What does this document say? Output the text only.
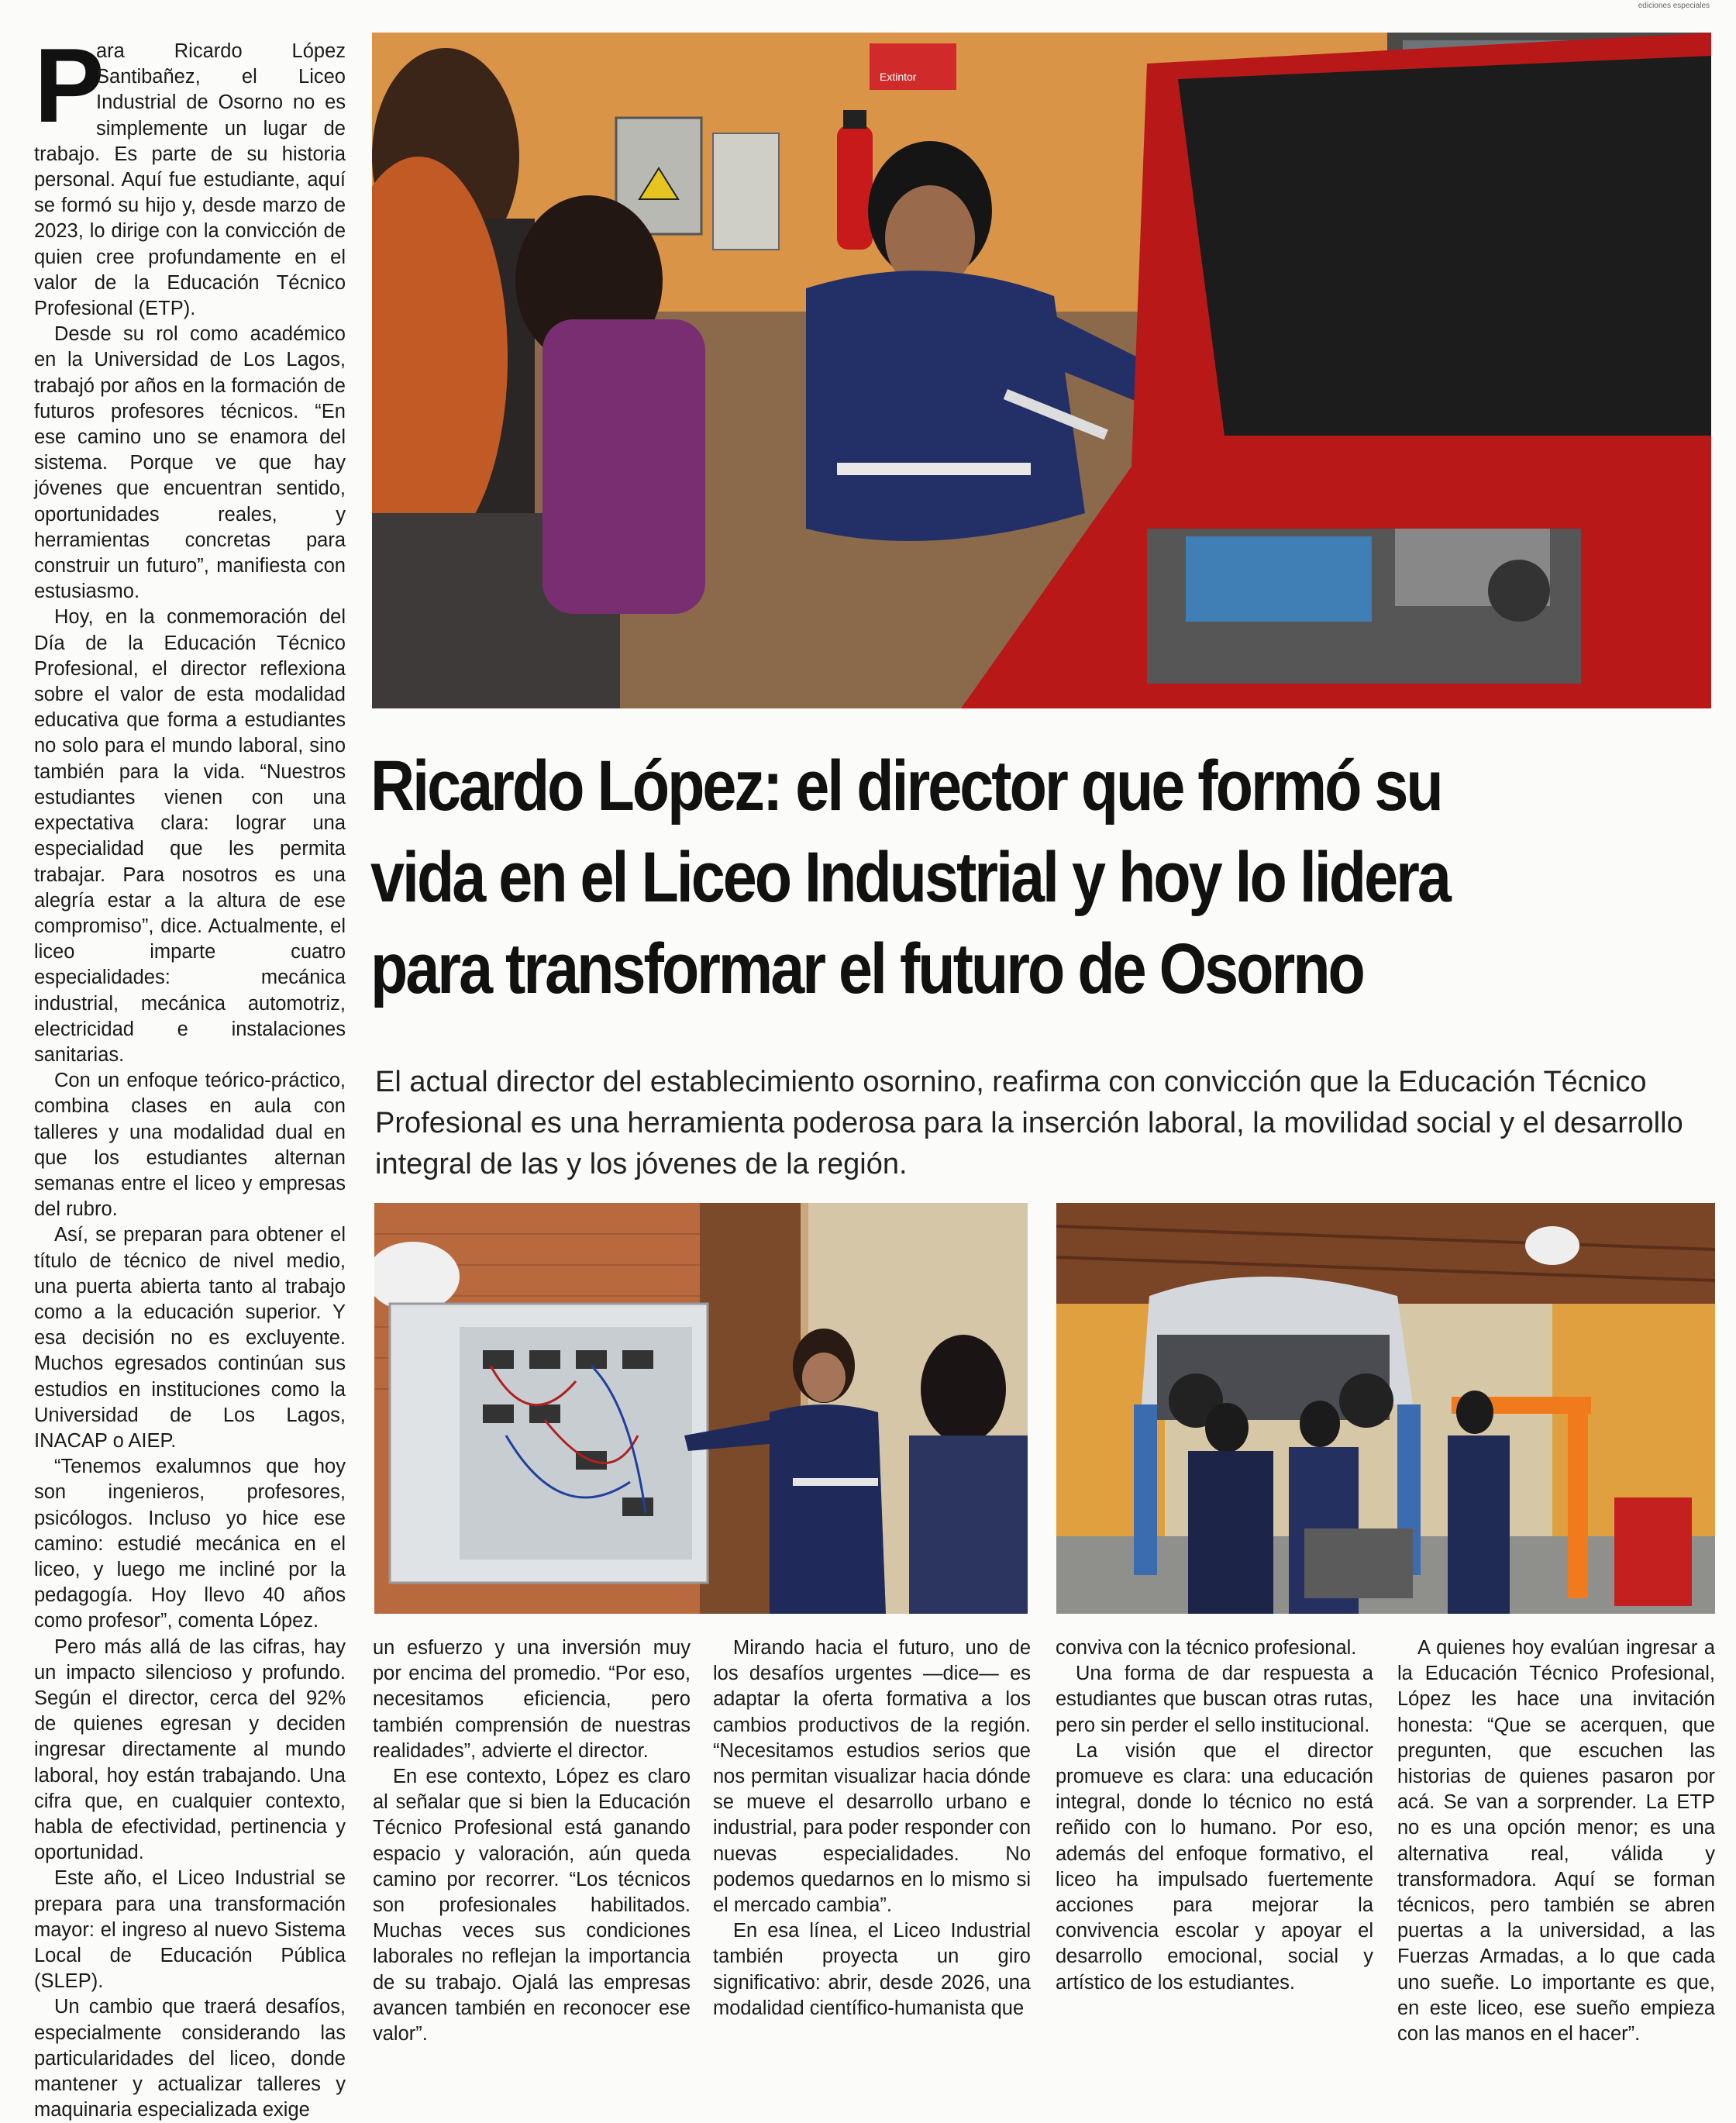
ediciones especiales
Extintor
Ricardo López: el director que formó su vida en el Liceo Industrial y hoy lo lidera para transformar el futuro de Osorno

El actual director del establecimiento osornino, reafirma con convicción que la Educación Técnico Profesional es una herramienta poderosa para la inserción laboral, la movilidad social y el desarrollo integral de las y los jóvenes de la región.

P

ara Ricardo López Santibañez, el Liceo Industrial de Osorno no es simplemente un lugar de trabajo. Es parte de su historia personal. Aquí fue estudiante, aquí se formó su hijo y, desde marzo de 2023, lo dirige con la convicción de quien cree profundamente en el valor de la Educación Técnico Profesional (ETP).

Desde su rol como académico en la Universidad de Los Lagos, trabajó por años en la formación de futuros profesores técnicos. “En ese camino uno se enamora del sistema. Porque ve que hay jóvenes que encuentran sentido, oportunidades reales, y herramientas concretas para construir un futuro”, manifiesta con estusiasmo.

Hoy, en la conmemoración del Día de la Educación Técnico Profesional, el director reflexiona sobre el valor de esta modalidad educativa que forma a estudiantes no solo para el mundo laboral, sino también para la vida. “Nuestros estudiantes vienen con una expectativa clara: lograr una especialidad que les permita trabajar. Para nosotros es una alegría estar a la altura de ese compromiso”, dice. Actualmente, el liceo imparte cuatro especialidades: mecánica industrial, mecánica automotriz, electricidad e instalaciones sanitarias.

Con un enfoque teórico-práctico, combina clases en aula con talleres y una modalidad dual en que los estudiantes alternan semanas entre el liceo y empresas del rubro.

Así, se preparan para obtener el título de técnico de nivel medio, una puerta abierta tanto al trabajo como a la educación superior. Y esa decisión no es excluyente. Muchos egresados continúan sus estudios en instituciones como la Universidad de Los Lagos, INACAP o AIEP.

“Tenemos exalumnos que hoy son ingenieros, profesores, psicólogos. Incluso yo hice ese camino: estudié mecánica en el liceo, y luego me incliné por la pedagogía. Hoy llevo 40 años como profesor”, comenta López.

Pero más allá de las cifras, hay un impacto silencioso y profundo. Según el director, cerca del 92% de quienes egresan y deciden ingresar directamente al mundo laboral, hoy están trabajando. Una cifra que, en cualquier contexto, habla de efectividad, pertinencia y oportunidad.

Este año, el Liceo Industrial se prepara para una transformación mayor: el ingreso al nuevo Sistema Local de Educación Pública (SLEP).

Un cambio que traerá desafíos, especialmente considerando las particularidades del liceo, donde mantener y actualizar talleres y maquinaria especializada exige

un esfuerzo y una inversión muy por encima del promedio. “Por eso, necesitamos eficiencia, pero también comprensión de nuestras realidades”, advierte el director.

En ese contexto, López es claro al señalar que si bien la Educación Técnico Profesional está ganando espacio y valoración, aún queda camino por recorrer. “Los técnicos son profesionales habilitados. Muchas veces sus condiciones laborales no reflejan la importancia de su trabajo. Ojalá las empresas avancen también en reconocer ese valor”.

Mirando hacia el futuro, uno de los desafíos urgentes —dice— es adaptar la oferta formativa a los cambios productivos de la región. “Necesitamos estudios serios que nos permitan visualizar hacia dónde se mueve el desarrollo urbano e industrial, para poder responder con nuevas especialidades. No podemos quedarnos en lo mismo si el mercado cambia”.

En esa línea, el Liceo Industrial también proyecta un giro significativo: abrir, desde 2026, una modalidad científico-humanista que

conviva con la técnico profesional.

Una forma de dar respuesta a estudiantes que buscan otras rutas, pero sin perder el sello institucional.

La visión que el director promueve es clara: una educación integral, donde lo técnico no está reñido con lo humano. Por eso, además del enfoque formativo, el liceo ha impulsado fuertemente acciones para mejorar la convivencia escolar y apoyar el desarrollo emocional, social y artístico de los estudiantes.

A quienes hoy evalúan ingresar a la Educación Técnico Profesional, López les hace una invitación honesta: “Que se acerquen, que pregunten, que escuchen las historias de quienes pasaron por acá. Se van a sorprender. La ETP no es una opción menor; es una alternativa real, válida y transformadora. Aquí se forman técnicos, pero también se abren puertas a la universidad, a las Fuerzas Armadas, a lo que cada uno sueñe. Lo importante es que, en este liceo, ese sueño empieza con las manos en el hacer”.
